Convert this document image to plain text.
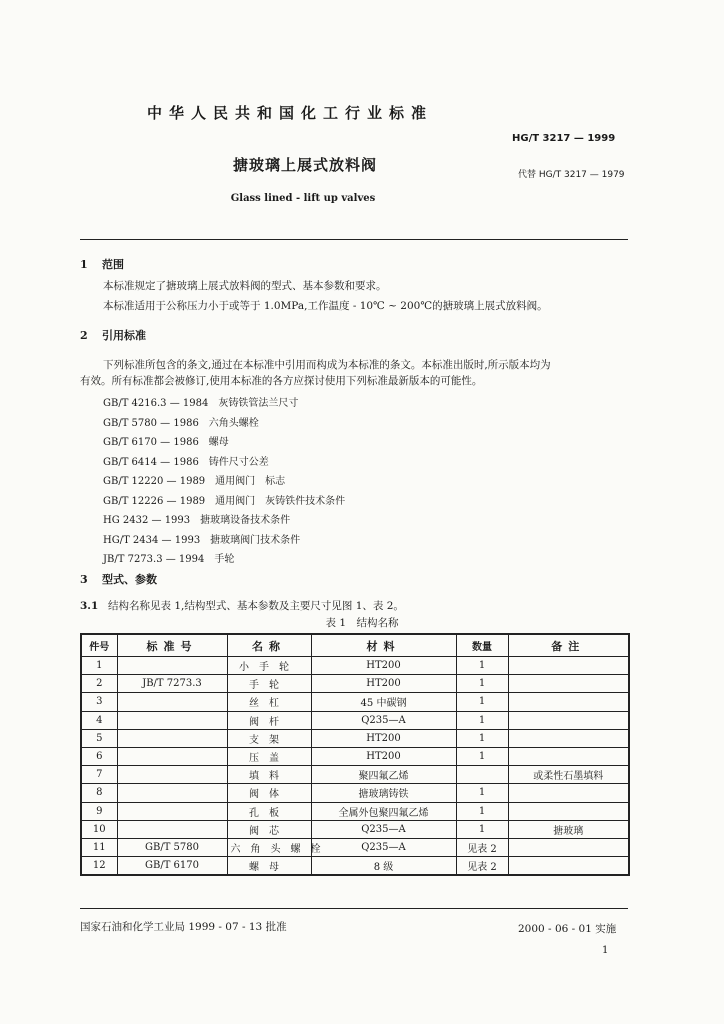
中华人民共和国化工行业标准
HG/T 3217 — 1999
搪玻璃上展式放料阀
代替 HG/T 3217 — 1979
Glass lined - lift up valves
1 范围
本标准规定了搪玻璃上展式放料阀的型式、基本参数和要求。
本标准适用于公称压力小于或等于 1.0MPa,工作温度 - 10℃ ~ 200℃的搪玻璃上展式放料阀。
2 引用标准
下列标准所包含的条文,通过在本标准中引用而构成为本标准的条文。本标准出版时,所示版本均为
有效。所有标准都会被修订,使用本标准的各方应探讨使用下列标准最新版本的可能性。
GB/T 4216.3 — 1984　灰铸铁管法兰尺寸
GB/T 5780 — 1986　六角头螺栓
GB/T 6170 — 1986　螺母
GB/T 6414 — 1986　铸件尺寸公差
GB/T 12220 — 1989　通用阀门　标志
GB/T 12226 — 1989　通用阀门　灰铸铁件技术条件
HG 2432 — 1993　搪玻璃设备技术条件
HG/T 2434 — 1993　搪玻璃阀门技术条件
JB/T 7273.3 — 1994　手轮
3 型式、参数
3.1 结构名称见表 1,结构型式、基本参数及主要尺寸见图 1、表 2。
表 1　结构名称
件号	标准号	名称	材料	数量	备注
1		小手轮	HT200	1	
2	JB/T 7273.3	手轮	HT200	1	
3		丝杠	45 中碳钢	1	
4		阀杆	Q235—A	1	
5		支架	HT200	1	
6		压盖	HT200	1	
7		填料	聚四氟乙烯		或柔性石墨填料
8		阀体	搪玻璃铸铁	1	
9		孔板	全属外包聚四氟乙烯	1	
10		阀芯	Q235—A	1	搪玻璃
11	GB/T 5780	六角头螺栓	Q235—A	见表 2	
12	GB/T 6170	螺母	8 级	见表 2	
国家石油和化学工业局 1999 - 07 - 13 批准	2000 - 06 - 01 实施
1
